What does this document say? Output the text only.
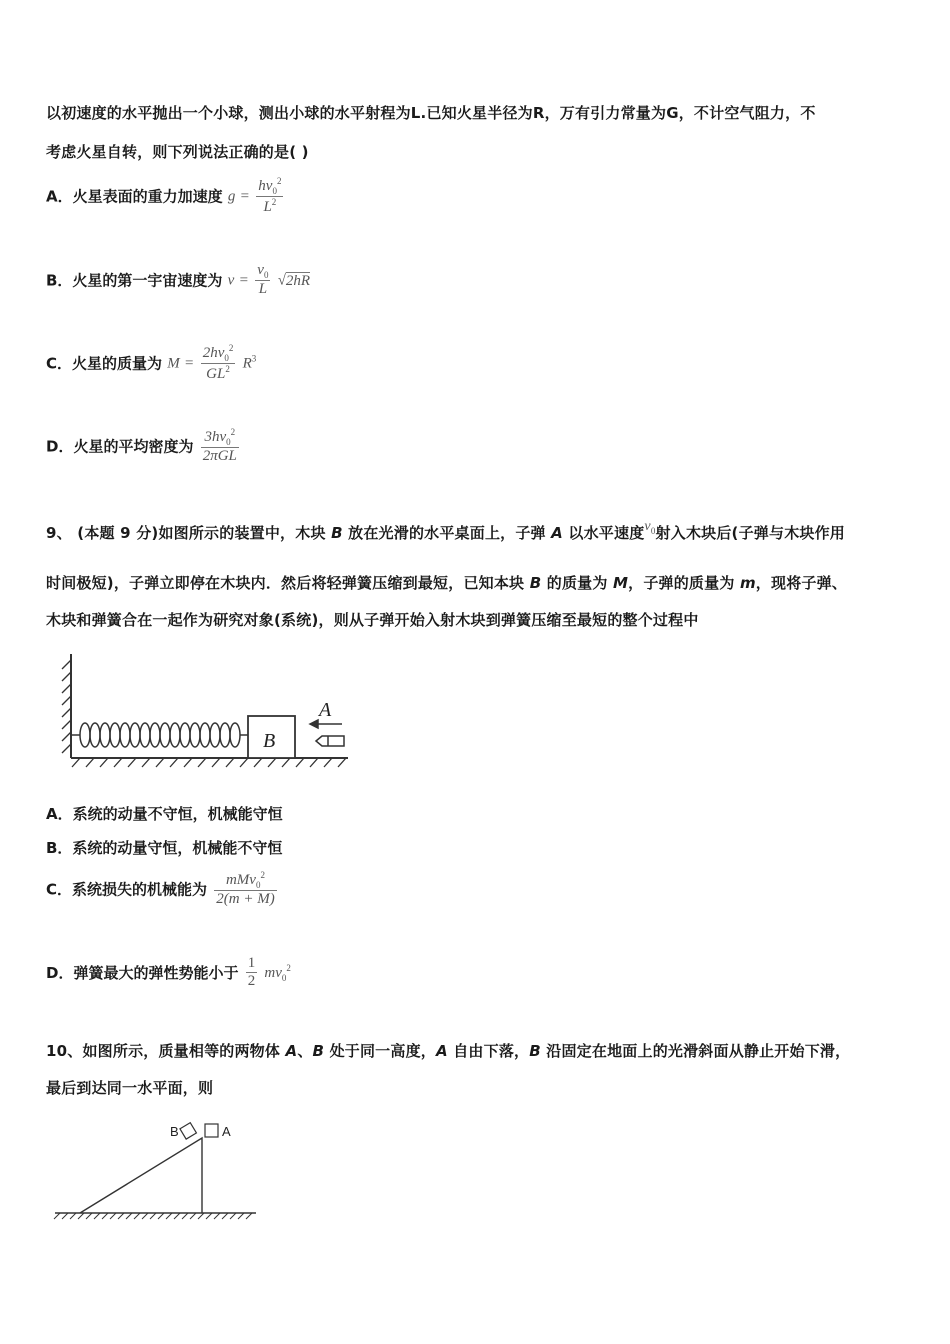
以初速度的水平抛出一个小球，测出小球的水平射程为L.已知火星半径为R，万有引力常量为G，不计空气阻力，不
考虑火星自转，则下列说法正确的是( )
A．火星表面的重力加速度 $g = \frac{hv_0^2}{L^2}$
B．火星的第一宇宙速度为 $v = \frac{v_0}{L} √2hR$
C．火星的质量为 $M = \frac{2hv_0^2}{GL^2} R^3$
D．火星的平均密度为 $\frac{3hv_0^2}{\text{2πGL}}$
9、 (本题 9 分)如图所示的装置中，木块 B 放在光滑的水平桌面上，子弹 A 以水平速度$v_0$射入木块后(子弹与木块作用
时间极短)，子弹立即停在木块内．然后将轻弹簧压缩到最短，已知本块 B 的质量为 M，子弹的质量为 m，现将子弹、
木块和弹簧合在一起作为研究对象(系统)，则从子弹开始入射木块到弹簧压缩至最短的整个过程中
B
A
A．系统的动量不守恒，机械能守恒
B．系统的动量守恒，机械能不守恒
C．系统损失的机械能为 $\frac{mMv_0^2}{2(m + M)}$
D．弹簧最大的弹性势能小于 $\frac{1}{2} mv_0^2$
10、如图所示，质量相等的两物体 A、B 处于同一高度，A 自由下落，B 沿固定在地面上的光滑斜面从静止开始下滑，
最后到达同一水平面，则
B	A
